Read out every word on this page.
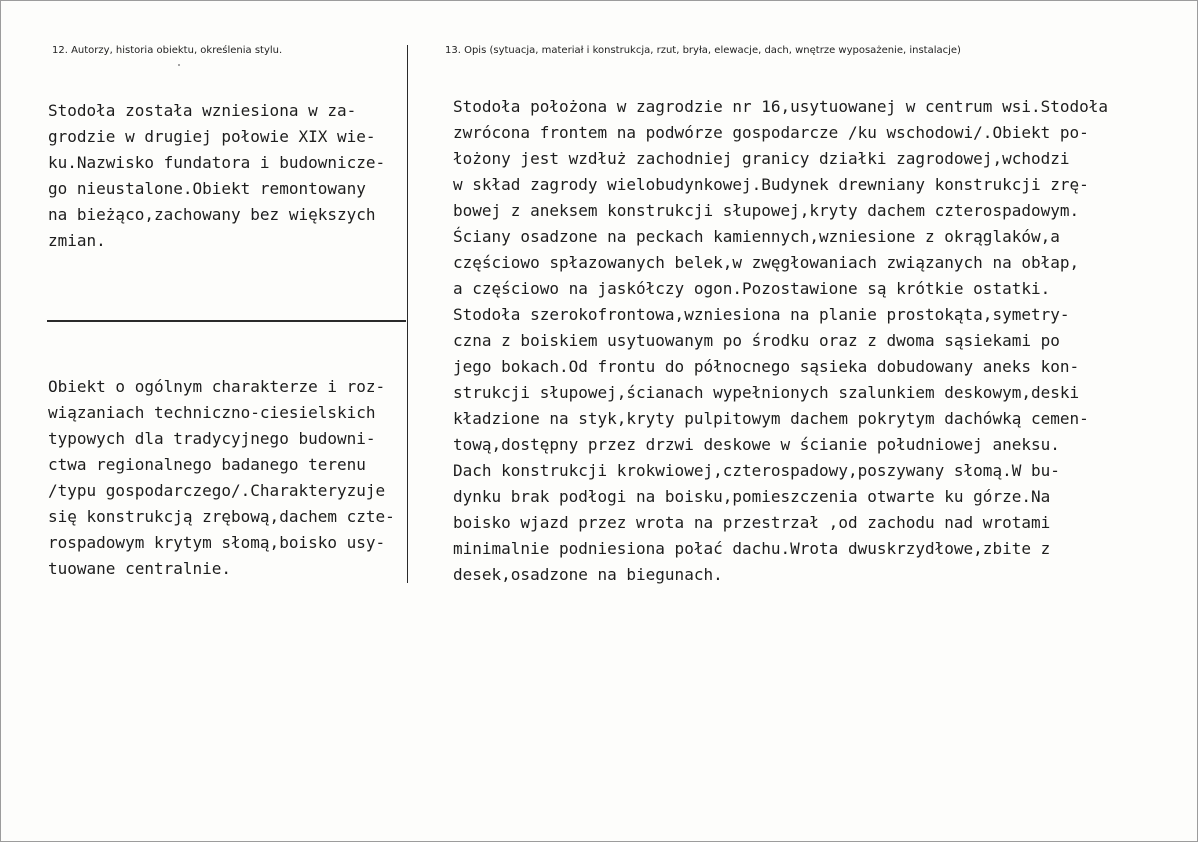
12. Autorzy, historia obiektu, określenia stylu.	13. Opis (sytuacja, materiał i konstrukcja, rzut, bryła, elewacje, dach, wnętrze wyposażenie, instalacje)
Stodoła została wzniesiona w za-
grodzie w drugiej połowie XIX wie-
ku.Nazwisko fundatora i budownicze-
go nieustalone.Obiekt remontowany
na bieżąco,zachowany bez większych
zmian.
Obiekt o ogólnym charakterze i roz-
wiązaniach techniczno-ciesielskich
typowych dla tradycyjnego budowni-
ctwa regionalnego badanego terenu
/typu gospodarczego/.Charakteryzuje
się konstrukcją zrębową,dachem czte-
rospadowym krytym słomą,boisko usy-
tuowane centralnie.
Stodoła położona w zagrodzie nr 16,usytuowanej w centrum wsi.Stodoła
zwrócona frontem na podwórze gospodarcze /ku wschodowi/.Obiekt po-
łożony jest wzdłuż zachodniej granicy działki zagrodowej,wchodzi
w skład zagrody wielobudynkowej.Budynek drewniany konstrukcji zrę-
bowej z aneksem konstrukcji słupowej,kryty dachem czterospadowym.
Ściany osadzone na peckach kamiennych,wzniesione z okrąglaków,a
częściowo spłazowanych belek,w zwęgłowaniach związanych na obłap,
a częściowo na jaskółczy ogon.Pozostawione są krótkie ostatki.
Stodoła szerokofrontowa,wzniesiona na planie prostokąta,symetry-
czna z boiskiem usytuowanym po środku oraz z dwoma sąsiekami po
jego bokach.Od frontu do północnego sąsieka dobudowany aneks kon-
strukcji słupowej,ścianach wypełnionych szalunkiem deskowym,deski
kładzione na styk,kryty pulpitowym dachem pokrytym dachówką cemen-
tową,dostępny przez drzwi deskowe w ścianie południowej aneksu.
Dach konstrukcji krokwiowej,czterospadowy,poszywany słomą.W bu-
dynku brak podłogi na boisku,pomieszczenia otwarte ku górze.Na
boisko wjazd przez wrota na przestrzał ,od zachodu nad wrotami
minimalnie podniesiona połać dachu.Wrota dwuskrzydłowe,zbite z
desek,osadzone na biegunach.
